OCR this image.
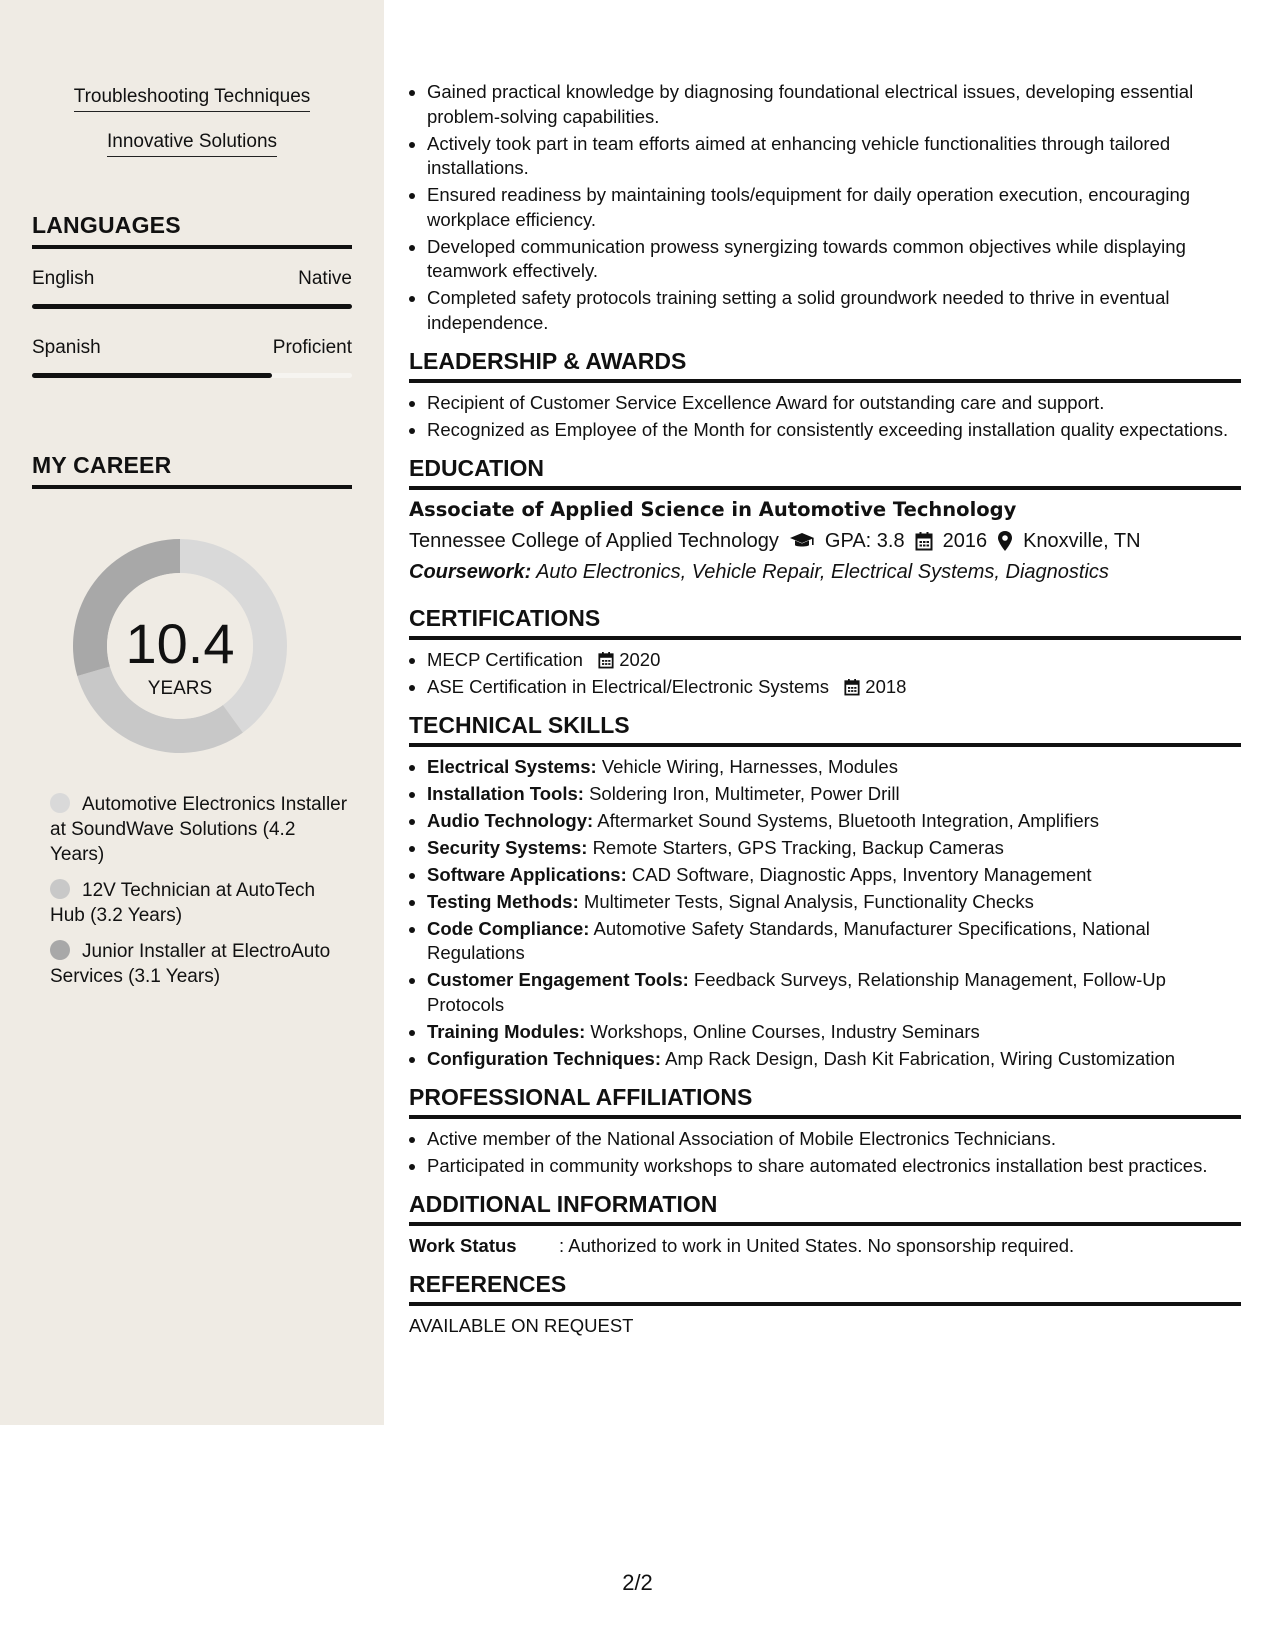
Troubleshooting Techniques
Innovative Solutions
LANGUAGES
English	Native
Spanish	Proficient
MY CAREER
10.4
YEARS
Automotive Electronics Installer at SoundWave Solutions (4.2 Years)
12V Technician at AutoTech Hub (3.2 Years)
Junior Installer at ElectroAuto Services (3.1 Years)
• Gained practical knowledge by diagnosing foundational electrical issues, developing essential problem-solving capabilities.
• Actively took part in team efforts aimed at enhancing vehicle functionalities through tailored installations.
• Ensured readiness by maintaining tools/equipment for daily operation execution, encouraging workplace efficiency.
• Developed communication prowess synergizing towards common objectives while displaying teamwork effectively.
• Completed safety protocols training setting a solid groundwork needed to thrive in eventual independence.
LEADERSHIP & AWARDS
• Recipient of Customer Service Excellence Award for outstanding care and support.
• Recognized as Employee of the Month for consistently exceeding installation quality expectations.
EDUCATION
Associate of Applied Science in Automotive Technology
Tennessee College of Applied Technology GPA: 3.8 2016 Knoxville, TN
Coursework: Auto Electronics, Vehicle Repair, Electrical Systems, Diagnostics
CERTIFICATIONS
• MECP Certification 2020
• ASE Certification in Electrical/Electronic Systems 2018
TECHNICAL SKILLS
• Electrical Systems: Vehicle Wiring, Harnesses, Modules
• Installation Tools: Soldering Iron, Multimeter, Power Drill
• Audio Technology: Aftermarket Sound Systems, Bluetooth Integration, Amplifiers
• Security Systems: Remote Starters, GPS Tracking, Backup Cameras
• Software Applications: CAD Software, Diagnostic Apps, Inventory Management
• Testing Methods: Multimeter Tests, Signal Analysis, Functionality Checks
• Code Compliance: Automotive Safety Standards, Manufacturer Specifications, National Regulations
• Customer Engagement Tools: Feedback Surveys, Relationship Management, Follow-Up Protocols
• Training Modules: Workshops, Online Courses, Industry Seminars
• Configuration Techniques: Amp Rack Design, Dash Kit Fabrication, Wiring Customization
PROFESSIONAL AFFILIATIONS
• Active member of the National Association of Mobile Electronics Technicians.
• Participated in community workshops to share automated electronics installation best practices.
ADDITIONAL INFORMATION
Work Status	: Authorized to work in United States. No sponsorship required.
REFERENCES
AVAILABLE ON REQUEST
2/2
